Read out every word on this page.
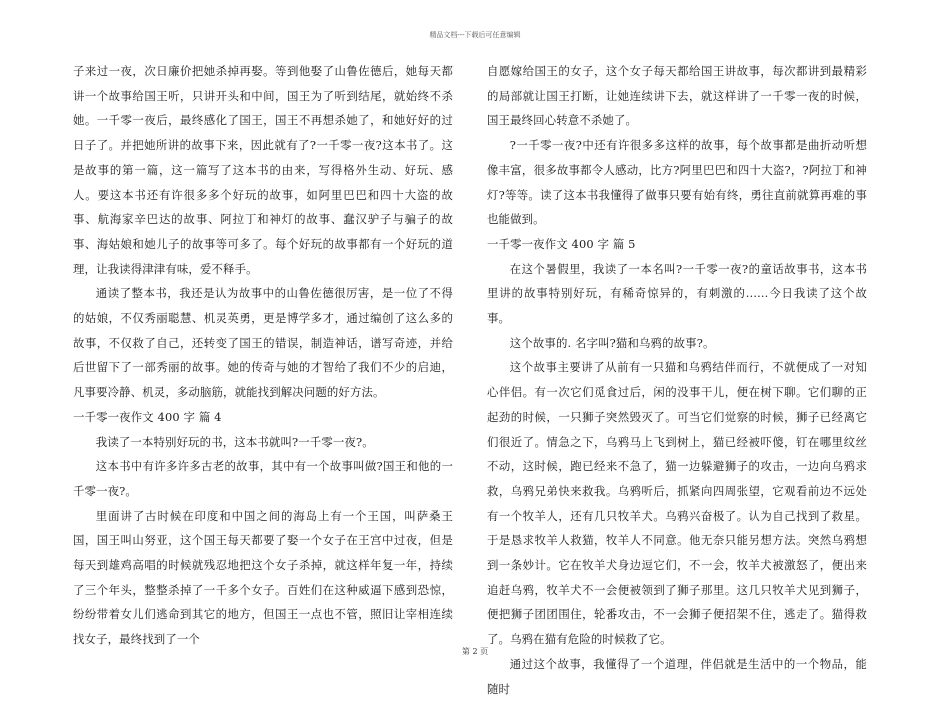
精品文档---下载后可任意编辑

子来过一夜，次日廉价把她杀掉再娶。等到他娶了山鲁佐德后，她每天都讲一个故事给国王听，只讲开头和中间，国王为了听到结尾，就始终不杀她。一千零一夜后，最终感化了国王，国王不再想杀她了，和她好好的过日子了。并把她所讲的故事下来，因此就有了?一千零一夜?这本书了。这是故事的第一篇，这一篇写了这本书的由来，写得格外生动、好玩、感人。要这本书还有许很多多个好玩的故事，如阿里巴巴和四十大盗的故事、航海家辛巴达的故事、阿拉丁和神灯的故事、蠢汉驴子与骗子的故事、海姑娘和她儿子的故事等可多了。每个好玩的故事都有一个好玩的道理，让我读得津津有味，爱不释手。

通读了整本书，我还是认为故事中的山鲁佐德很厉害，是一位了不得的姑娘，不仅秀丽聪慧、机灵英勇，更是博学多才，通过编创了这么多的故事，不仅救了自己，还转变了国王的错误，制造神话，谱写奇迹，并给后世留下了一部秀丽的故事。她的传奇与她的才智给了我们不少的启迪，凡事要冷静、机灵，多动脑筋，就能找到解决问题的好方法。

一千零一夜作文 400 字 篇 4

我读了一本特别好玩的书，这本书就叫?一千零一夜?。

这本书中有许多许多古老的故事，其中有一个故事叫做?国王和他的一千零一夜?。

里面讲了古时候在印度和中国之间的海岛上有一个王国，叫萨桑王国，国王叫山努亚，这个国王每天都要了娶一个女子在王宫中过夜，但是每天到雄鸡高唱的时候就残忍地把这个女子杀掉，就这样年复一年，持续了三个年头，整整杀掉了一千多个女子。百姓们在这种威逼下感到恐惊，纷纷带着女儿们逃命到其它的地方，但国王一点也不管，照旧让宰相连续找女子，最终找到了一个

自愿嫁给国王的女子，这个女子每天都给国王讲故事，每次都讲到最精彩的局部就让国王打断，让她连续讲下去，就这样讲了一千零一夜的时候，国王最终回心转意不杀她了。

?一千零一夜?中还有许很多多这样的故事，每个故事都是曲折动听想像丰富，很多故事都令人感动，比方?阿里巴巴和四十大盗?，?阿拉丁和神灯?等等。读了这本书我懂得了做事只要有始有终，勇往直前就算再难的事也能做到。

一千零一夜作文 400 字 篇 5

在这个暑假里，我读了一本名叫?一千零一夜?的童话故事书，这本书里讲的故事特别好玩，有稀奇惊异的，有刺激的......今日我读了这个故事。

这个故事的. 名字叫?猫和乌鸦的故事?。

这个故事主要讲了从前有一只猫和乌鸦结伴而行，不就便成了一对知心伴侣。有一次它们觅食过后，闲的没事干儿，便在树下聊。它们聊的正起劲的时候，一只狮子突然毁灭了。可当它们觉察的时候，狮子已经离它们很近了。情急之下，乌鸦马上飞到树上，猫已经被吓傻，钉在哪里纹丝不动，这时候，跑已经来不急了，猫一边躲避狮子的攻击，一边向乌鸦求救，乌鸦兄弟快来救我。乌鸦听后，抓紧向四周张望，它观看前边不远处有一个牧羊人，还有几只牧羊犬。乌鸦兴奋极了。认为自己找到了救星。于是恳求牧羊人救猫，牧羊人不同意。他无奈只能另想方法。突然乌鸦想到一条妙计。它在牧羊犬身边逗它们，不一会，牧羊犬被激怒了，便出来追赶乌鸦，牧羊犬不一会便被领到了狮子那里。这几只牧羊犬见到狮子，便把狮子团团围住，轮番攻击，不一会狮子便招架不住，逃走了。猫得救了。乌鸦在猫有危险的时候救了它。

通过这个故事，我懂得了一个道理，伴侣就是生活中的一个物品，能随时

第 2 页
